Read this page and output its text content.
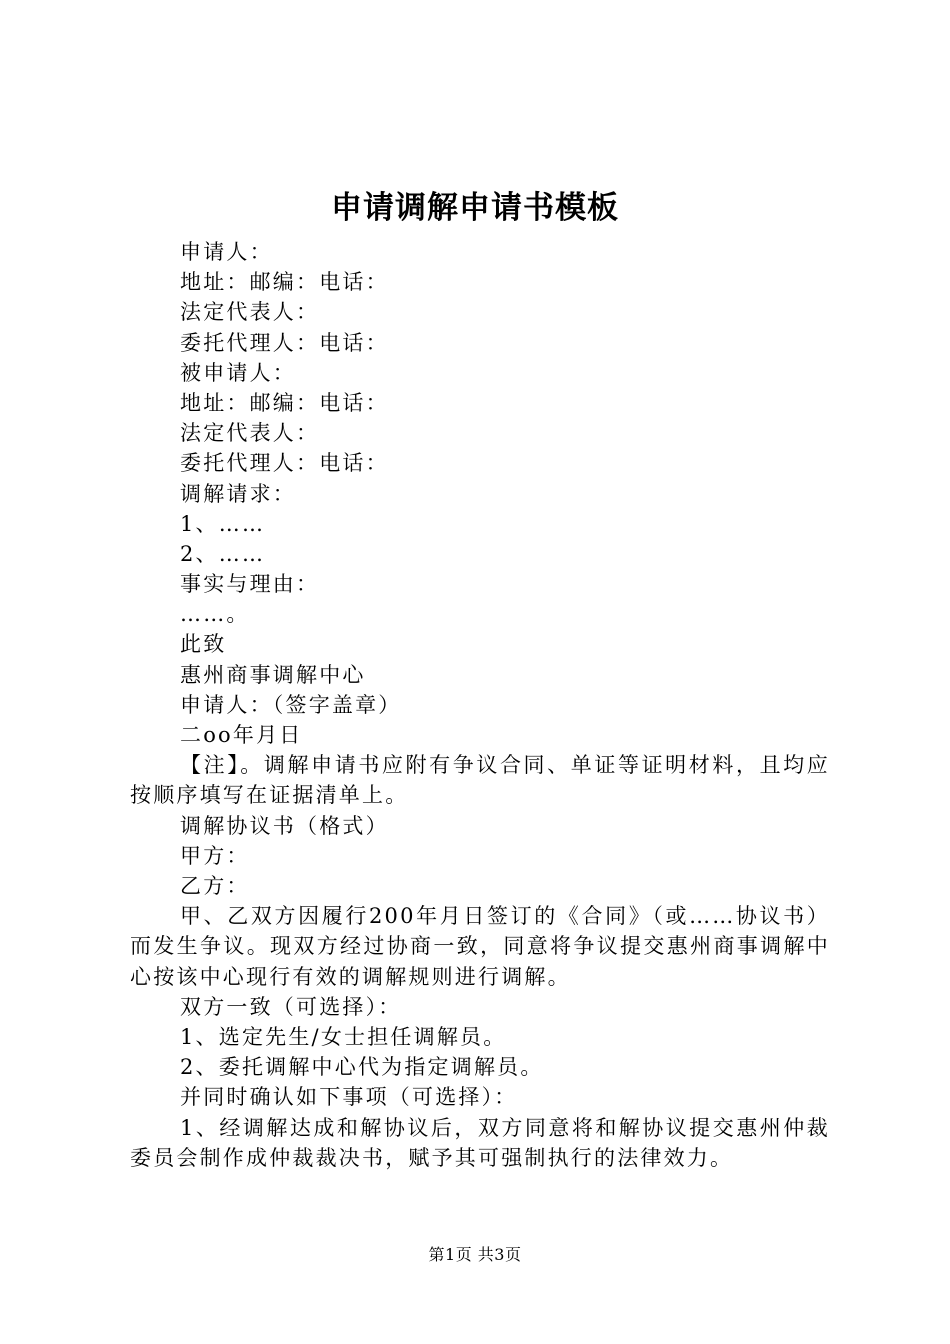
申请调解申请书模板
申请人：
地址：邮编：电话：
法定代表人：
委托代理人：电话：
被申请人：
地址：邮编：电话：
法定代表人：
委托代理人：电话：
调解请求：
1、……
2、……
事实与理由：
……。
此致
惠州商事调解中心
申请人：（签字盖章）
二oo年月日
【注】。调解申请书应附有争议合同、单证等证明材料，且均应按顺序填写在证据清单上。
调解协议书（格式）
甲方：
乙方：
甲、乙双方因履行200年月日签订的《合同》（或……协议书）而发生争议。现双方经过协商一致，同意将争议提交惠州商事调解中心按该中心现行有效的调解规则进行调解。
双方一致（可选择）：
1、选定先生/女士担任调解员。
2、委托调解中心代为指定调解员。
并同时确认如下事项（可选择）：
1、经调解达成和解协议后，双方同意将和解协议提交惠州仲裁委员会制作成仲裁裁决书，赋予其可强制执行的法律效力。
第1页 共3页
